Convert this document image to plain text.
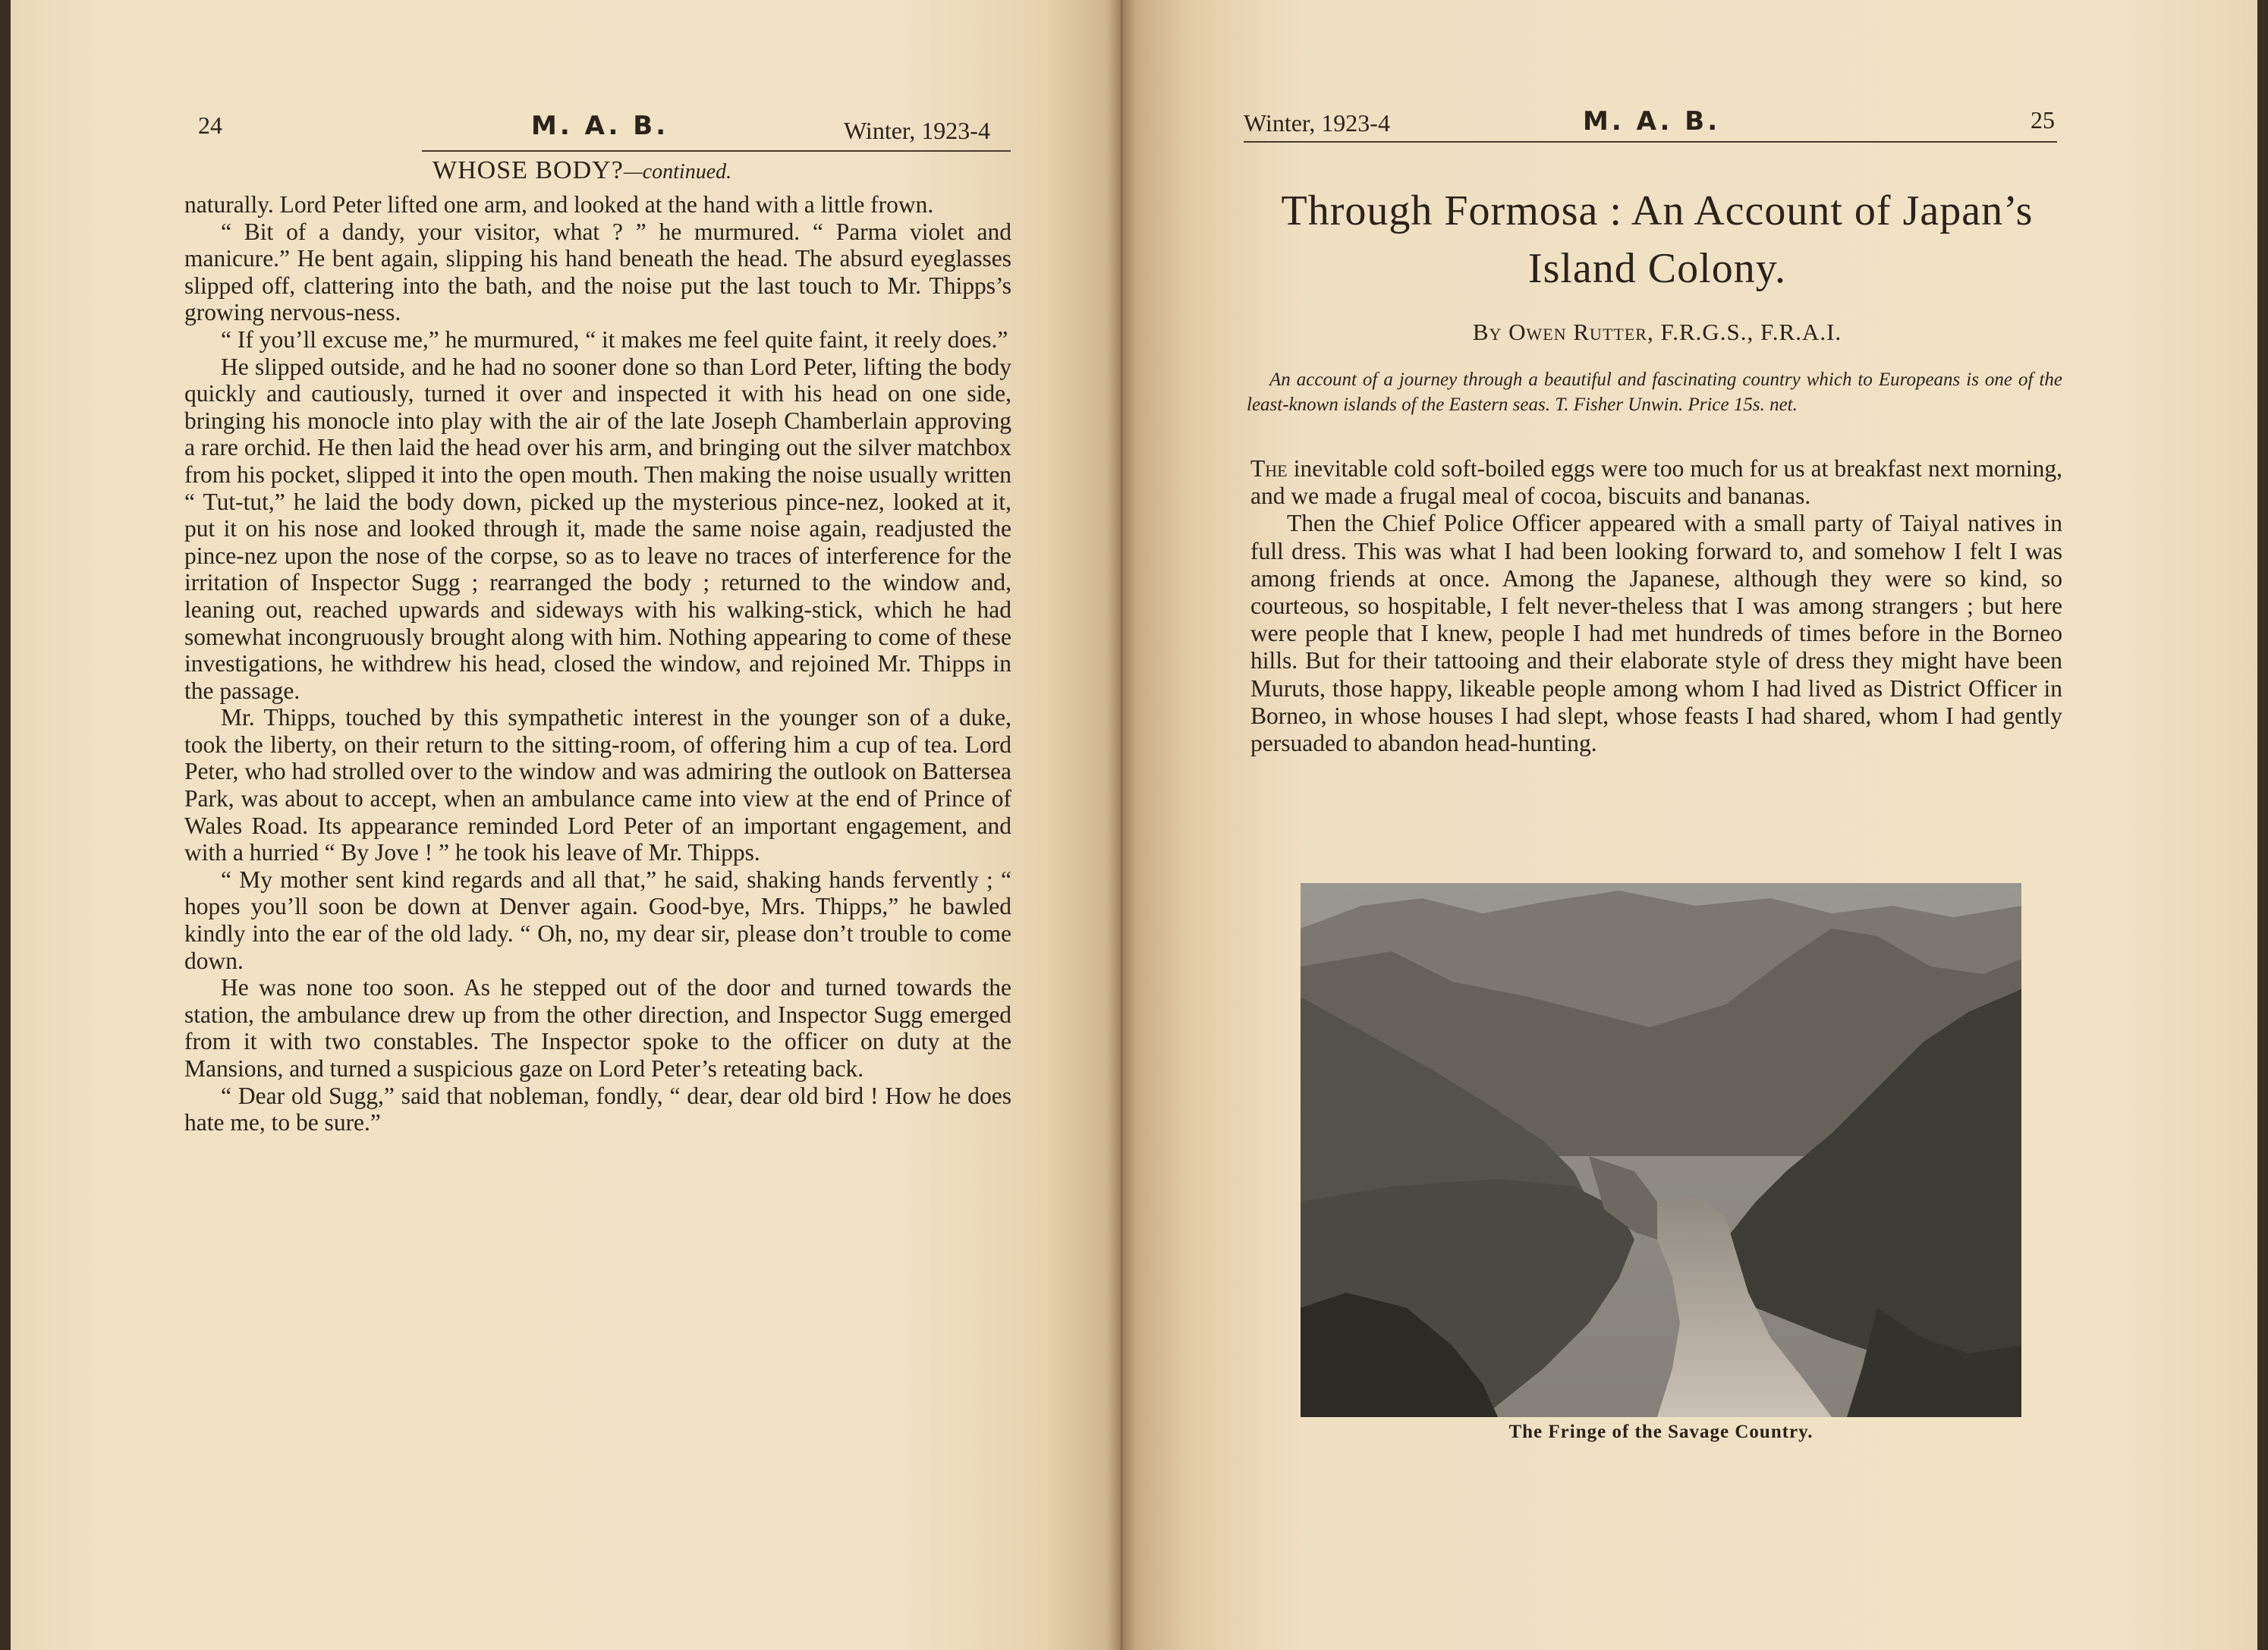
24	M. A. B.	Winter, 1923-4
WHOSE BODY?—continued.

naturally. Lord Peter lifted one arm, and looked at the hand with a little frown.

“ Bit of a dandy, your visitor, what ? ” he murmured. “ Parma violet and manicure.” He bent again, slipping his hand beneath the head. The absurd eyeglasses slipped off, clattering into the bath, and the noise put the last touch to Mr. Thipps’s growing nervous-ness.

“ If you’ll excuse me,” he murmured, “ it makes me feel quite faint, it reely does.”

He slipped outside, and he had no sooner done so than Lord Peter, lifting the body quickly and cautiously, turned it over and inspected it with his head on one side, bringing his monocle into play with the air of the late Joseph Chamberlain approving a rare orchid. He then laid the head over his arm, and bringing out the silver matchbox from his pocket, slipped it into the open mouth. Then making the noise usually written “ Tut-tut,” he laid the body down, picked up the mysterious pince-nez, looked at it, put it on his nose and looked through it, made the same noise again, readjusted the pince-nez upon the nose of the corpse, so as to leave no traces of interference for the irritation of Inspector Sugg ; rearranged the body ; returned to the window and, leaning out, reached upwards and sideways with his walking-stick, which he had somewhat incongruously brought along with him. Nothing appearing to come of these investigations, he withdrew his head, closed the window, and rejoined Mr. Thipps in the passage.

Mr. Thipps, touched by this sympathetic interest in the younger son of a duke, took the liberty, on their return to the sitting-room, of offering him a cup of tea. Lord Peter, who had strolled over to the window and was admiring the outlook on Battersea Park, was about to accept, when an ambulance came into view at the end of Prince of Wales Road. Its appearance reminded Lord Peter of an important engagement, and with a hurried “ By Jove ! ” he took his leave of Mr. Thipps.

“ My mother sent kind regards and all that,” he said, shaking hands fervently ; “ hopes you’ll soon be down at Denver again. Good-bye, Mrs. Thipps,” he bawled kindly into the ear of the old lady. “ Oh, no, my dear sir, please don’t trouble to come down.

He was none too soon. As he stepped out of the door and turned towards the station, the ambulance drew up from the other direction, and Inspector Sugg emerged from it with two constables. The Inspector spoke to the officer on duty at the Mansions, and turned a suspicious gaze on Lord Peter’s reteating back.

“ Dear old Sugg,” said that nobleman, fondly, “ dear, dear old bird ! How he does hate me, to be sure.”

Winter, 1923-4	M. A. B.	25
Through Formosa : An Account of Japan’s Island Colony.
By Owen Rutter, F.R.G.S., F.R.A.I.
An account of a journey through a beautiful and fascinating country which to Europeans is one of the least-known islands of the Eastern seas. T. Fisher Unwin. Price 15s. net.

The inevitable cold soft-boiled eggs were too much for us at breakfast next morning, and we made a frugal meal of cocoa, biscuits and bananas.

Then the Chief Police Officer appeared with a small party of Taiyal natives in full dress. This was what I had been looking forward to, and somehow I felt I was among friends at once. Among the Japanese, although they were so kind, so courteous, so hospitable, I felt never-theless that I was among strangers ; but here were people that I knew, people I had met hundreds of times before in the Borneo hills. But for their tattooing and their elaborate style of dress they might have been Muruts, those happy, likeable people among whom I had lived as District Officer in Borneo, in whose houses I had slept, whose feasts I had shared, whom I had gently persuaded to abandon head-hunting.

The Fringe of the Savage Country.
